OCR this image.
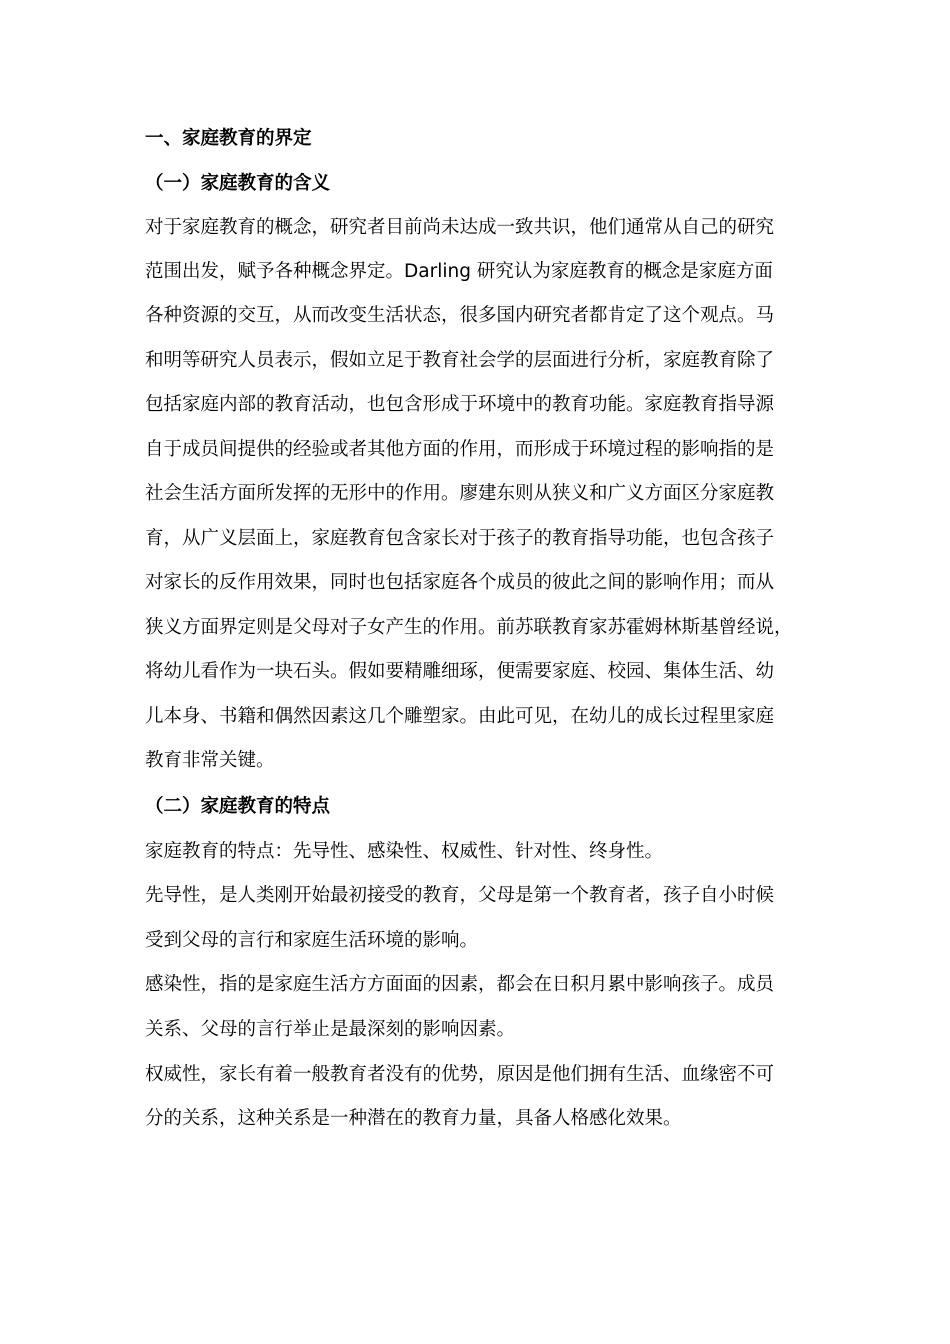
一、家庭教育的界定
（一）家庭教育的含义
对于家庭教育的概念，研究者目前尚未达成一致共识，他们通常从自己的研究
范围出发，赋予各种概念界定。Darling 研究认为家庭教育的概念是家庭方面
各种资源的交互，从而改变生活状态，很多国内研究者都肯定了这个观点。马
和明等研究人员表示，假如立足于教育社会学的层面进行分析，家庭教育除了
包括家庭内部的教育活动，也包含形成于环境中的教育功能。家庭教育指导源
自于成员间提供的经验或者其他方面的作用，而形成于环境过程的影响指的是
社会生活方面所发挥的无形中的作用。廖建东则从狭义和广义方面区分家庭教
育，从广义层面上，家庭教育包含家长对于孩子的教育指导功能，也包含孩子
对家长的反作用效果，同时也包括家庭各个成员的彼此之间的影响作用；而从
狭义方面界定则是父母对子女产生的作用。前苏联教育家苏霍姆林斯基曾经说，
将幼儿看作为一块石头。假如要精雕细琢，便需要家庭、校园、集体生活、幼
儿本身、书籍和偶然因素这几个雕塑家。由此可见，在幼儿的成长过程里家庭
教育非常关键。
（二）家庭教育的特点
家庭教育的特点：先导性、感染性、权威性、针对性、终身性。
先导性，是人类刚开始最初接受的教育，父母是第一个教育者，孩子自小时候
受到父母的言行和家庭生活环境的影响。
感染性，指的是家庭生活方方面面的因素，都会在日积月累中影响孩子。成员
关系、父母的言行举止是最深刻的影响因素。
权威性，家长有着一般教育者没有的优势，原因是他们拥有生活、血缘密不可
分的关系，这种关系是一种潜在的教育力量，具备人格感化效果。
